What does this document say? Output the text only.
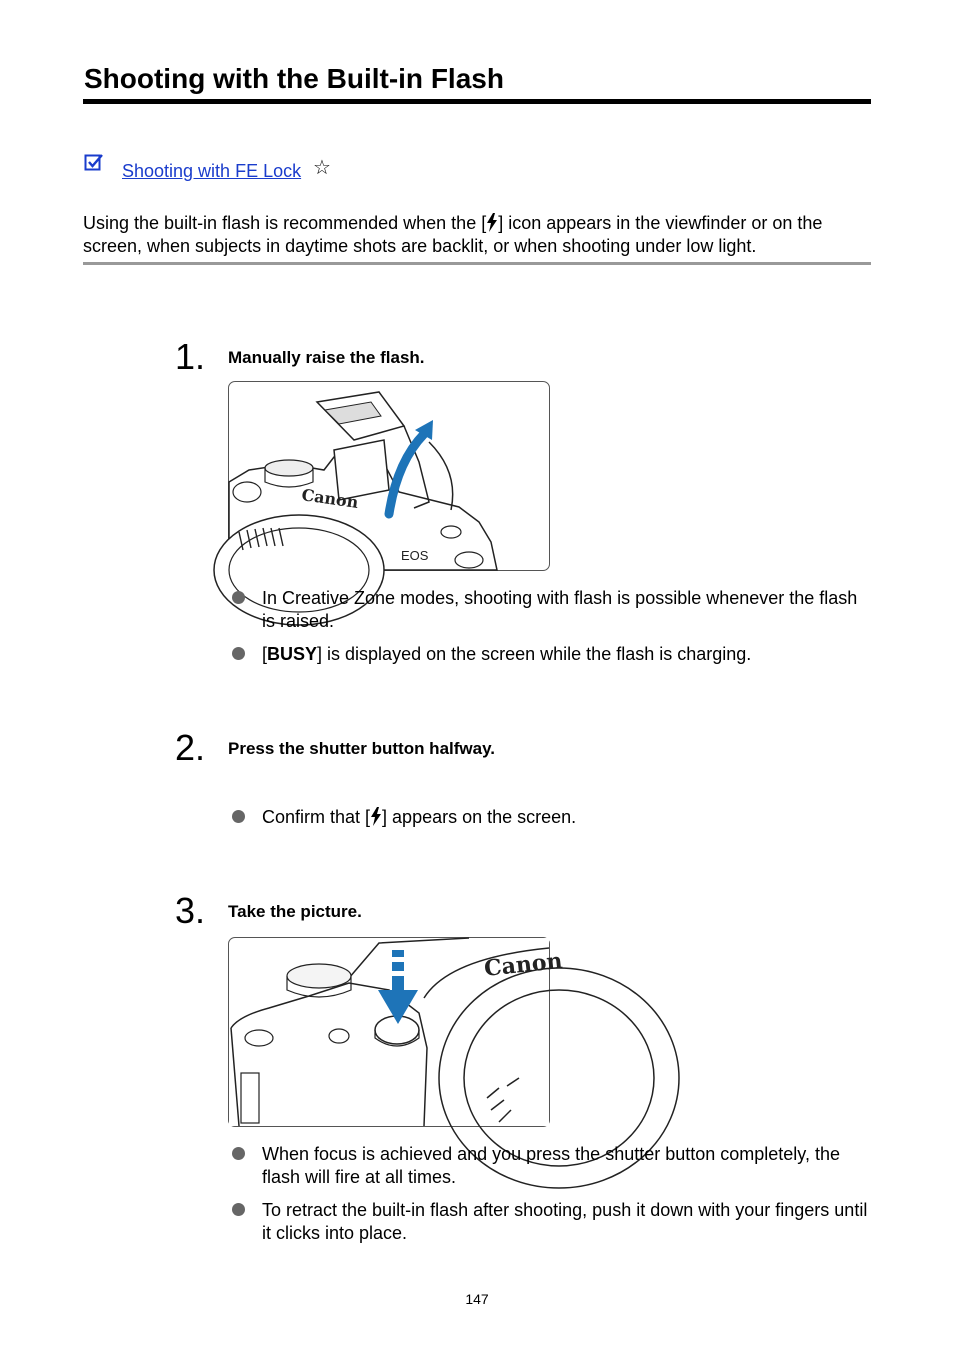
Shooting with the Built-in Flash
Shooting with FE Lock ☆

Using the built-in flash is recommended when the [ ] icon appears in the viewfinder or on the screen, when subjects in daytime shots are backlit, or when shooting under low light.

1. Manually raise the flash.
Canon
EOS

In Creative Zone modes, shooting with flash is possible whenever the flash is raised.

[BUSY] is displayed on the screen while the flash is charging.

2. Press the shutter button halfway.

Confirm that [ ] appears on the screen.

3. Take the picture.
Canon

When focus is achieved and you press the shutter button completely, the flash will fire at all times.

To retract the built-in flash after shooting, push it down with your fingers until it clicks into place.

147
